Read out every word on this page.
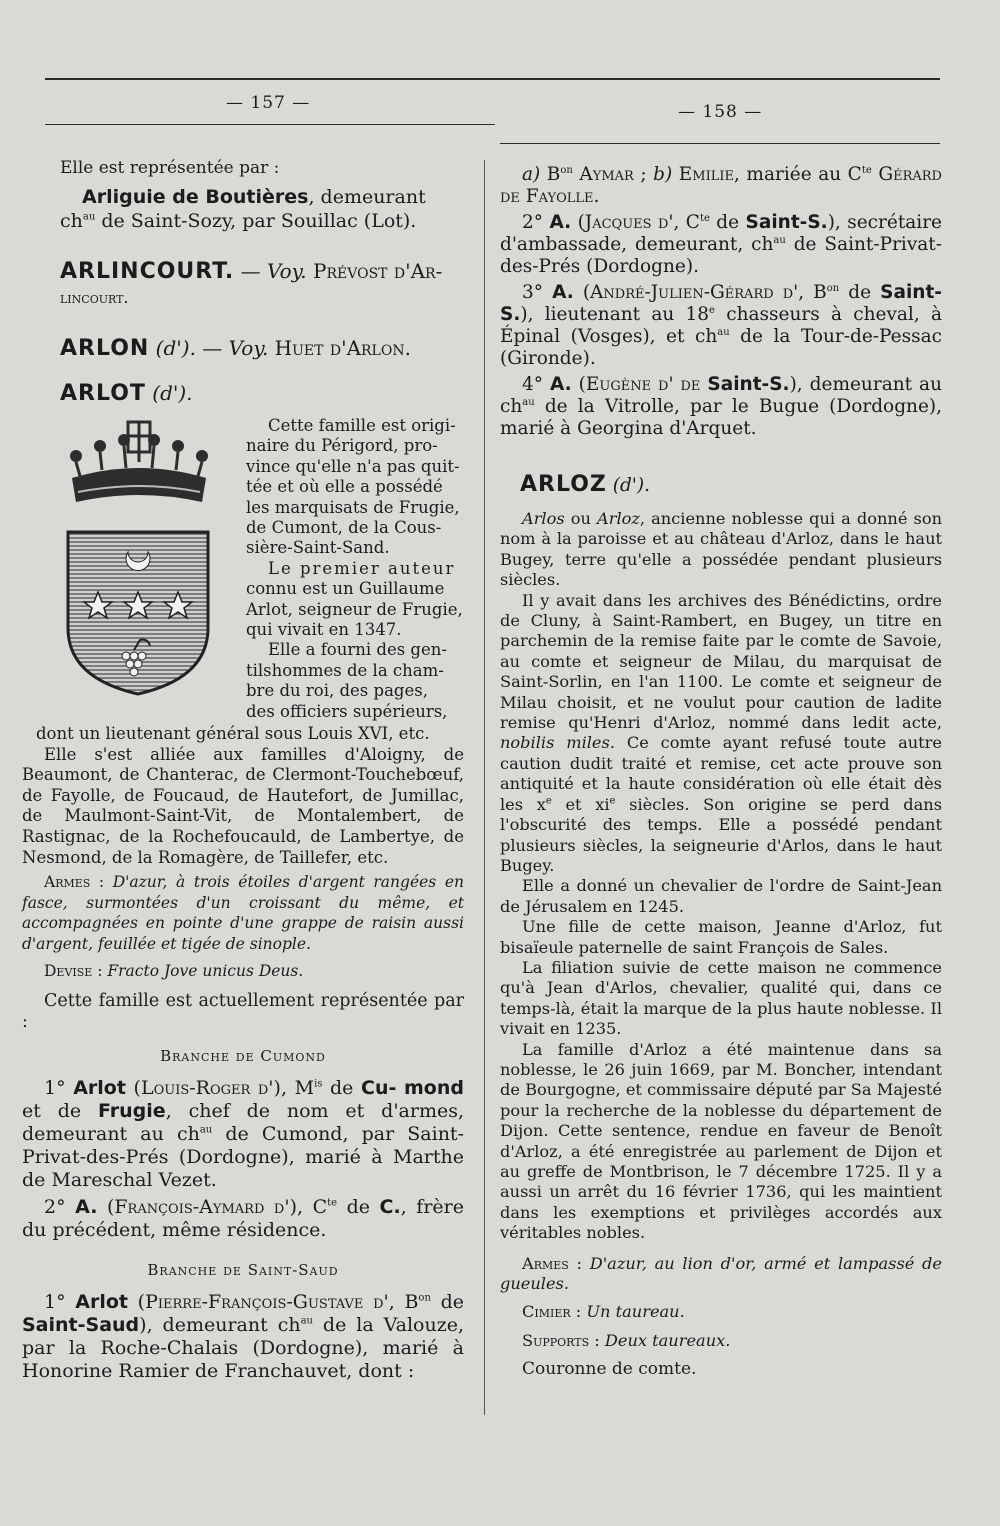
— 157 —	— 158 —

Elle est représentée par :

Arliguie de Boutières, demeurant
$ch^{au}$ de Saint-Sozy, par Souillac (Lot).

ARLINCOURT. — Voy. Prévost d'Ar-
lincourt.

ARLON (d'). — Voy. Huet d'Arlon.

ARLOT (d').

Cette famille est origi-

naire du Périgord, pro-

vince qu'elle n'a pas quit-

tée et où elle a possédé

les marquisats de Frugie,

de Cumont, de la Cous-

sière-Saint-Sand.

Le premier auteur

connu est un Guillaume

Arlot, seigneur de Frugie,

qui vivait en 1347.

Elle a fourni des gen-

tilshommes de la cham-

bre du roi, des pages,

des officiers supérieurs,

dont un lieutenant général sous Louis XVI, etc.

Elle s'est alliée aux familles d'Aloigny, de Beaumont, de Chanterac, de Clermont-Touchebœuf, de Fayolle, de Foucaud, de Hautefort, de Jumillac, de Maulmont-Saint-Vit, de Montalembert, de Rastignac, de la Rochefoucauld, de Lambertye, de Nesmond, de la Romagère, de Taillefer, etc.

Armes : D'azur, à trois étoiles d'argent rangées en fasce, surmontées d'un croissant du même, et accompagnées en pointe d'une grappe de raisin aussi d'argent, feuillée et tigée de sinople.

Devise : Fracto Jove unicus Deus.

Cette famille est actuellement représentée par :

Branche de Cumond

1° Arlot (Louis-Roger d'), $M^{is}$ de Cu- mond et de Frugie, chef de nom et d'armes, demeurant au $ch^{au}$ de Cumond, par Saint-Privat-des-Prés (Dordogne), marié à Marthe de Mareschal Vezet.

2° A. (François-Aymard d'), $C^{te}$ de C., frère du précédent, même résidence.

Branche de Saint-Saud

1° Arlot (Pierre-François-Gustave d', $B^{on}$ de Saint-Saud), demeurant $ch^{au}$ de la Valouze, par la Roche-Chalais (Dordogne), marié à Honorine Ramier de Franchauvet, dont :

a) $B^{on}$ Aymar ; b) Emilie, mariée au $C^{te}$ Gérard de Fayolle.

2° A. (Jacques d', $C^{te}$ de Saint-S.), secrétaire d'ambassade, demeurant, $ch^{au}$ de Saint-Privat-des-Prés (Dordogne).

3° A. (André-Julien-Gérard d', $B^{on}$ de Saint-S.), lieutenant au 18e chasseurs à cheval, à Épinal (Vosges), et $ch^{au}$ de la Tour-de-Pessac (Gironde).

4° A. (Eugène d' de Saint-S.), demeurant au $ch^{au}$ de la Vitrolle, par le Bugue (Dordogne), marié à Georgina d'Arquet.

ARLOZ (d').

Arlos ou Arloz, ancienne noblesse qui a donné son nom à la paroisse et au château d'Arloz, dans le haut Bugey, terre qu'elle a possédée pendant plusieurs siècles.

Il y avait dans les archives des Bénédictins, ordre de Cluny, à Saint-Rambert, en Bugey, un titre en parchemin de la remise faite par le comte de Savoie, au comte et seigneur de Milau, du marquisat de Saint-Sorlin, en l'an 1100. Le comte et seigneur de Milau choisit, et ne voulut pour caution de ladite remise qu'Henri d'Arloz, nommé dans ledit acte, nobilis miles. Ce comte ayant refusé toute autre caution dudit traité et remise, cet acte prouve son antiquité et la haute considération où elle était dès les $x^e$ et $xi^e$ siècles. Son origine se perd dans l'obscurité des temps. Elle a possédé pendant plusieurs siècles, la seigneurie d'Arlos, dans le haut Bugey.

Elle a donné un chevalier de l'ordre de Saint-Jean de Jérusalem en 1245.

Une fille de cette maison, Jeanne d'Arloz, fut bisaïeule paternelle de saint François de Sales.

La filiation suivie de cette maison ne commence qu'à Jean d'Arlos, chevalier, qualité qui, dans ce temps-là, était la marque de la plus haute noblesse. Il vivait en 1235.

La famille d'Arloz a été maintenue dans sa noblesse, le 26 juin 1669, par M. Boncher, intendant de Bourgogne, et commissaire député par Sa Majesté pour la recherche de la noblesse du département de Dijon. Cette sentence, rendue en faveur de Benoît d'Arloz, a été enregistrée au parlement de Dijon et au greffe de Montbrison, le 7 décembre 1725. Il y a aussi un arrêt du 16 février 1736, qui les maintient dans les exemptions et privilèges accordés aux véritables nobles.

Armes : D'azur, au lion d'or, armé et lampassé de gueules.

Cimier : Un taureau.

Supports : Deux taureaux.

Couronne de comte.
